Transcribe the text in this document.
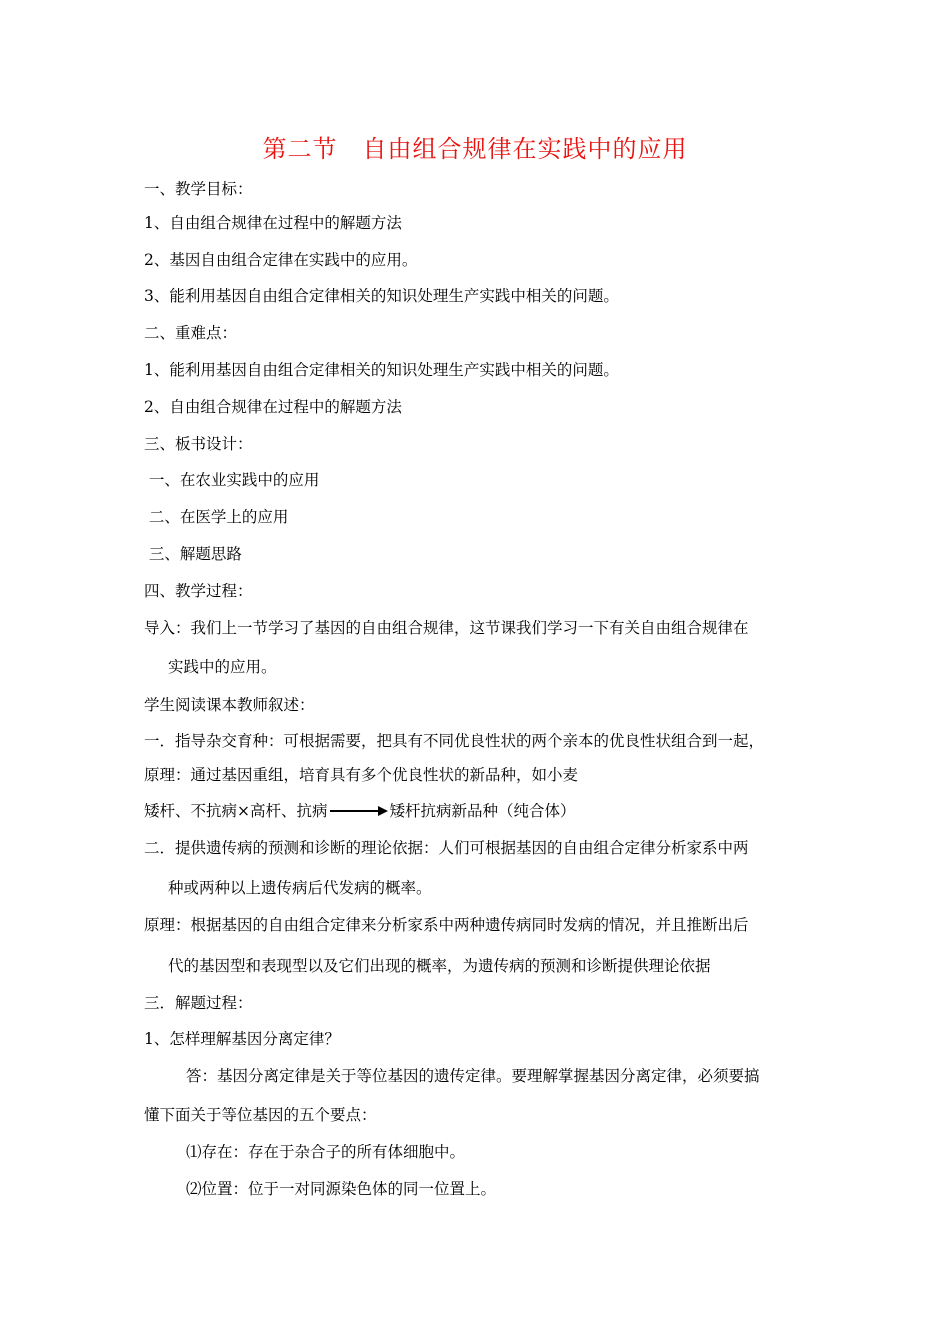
第二节　自由组合规律在实践中的应用
一、教学目标：
1、自由组合规律在过程中的解题方法
2、基因自由组合定律在实践中的应用。
3、能利用基因自由组合定律相关的知识处理生产实践中相关的问题。
二、重难点：
1、能利用基因自由组合定律相关的知识处理生产实践中相关的问题。
2、自由组合规律在过程中的解题方法
三、板书设计：
一、在农业实践中的应用
二、在医学上的应用
三、解题思路
四、教学过程：
导入：我们上一节学习了基因的自由组合规律，这节课我们学习一下有关自由组合规律在
实践中的应用。
学生阅读课本教师叙述：
一．指导杂交育种：可根据需要，把具有不同优良性状的两个亲本的优良性状组合到一起，
原理：通过基因重组，培育具有多个优良性状的新品种，如小麦
矮杆、不抗病×高杆、抗病

	矮杆抗病新品种（纯合体）
二．提供遗传病的预测和诊断的理论依据：人们可根据基因的自由组合定律分析家系中两
种或两种以上遗传病后代发病的概率。
原理：根据基因的自由组合定律来分析家系中两种遗传病同时发病的情况，并且推断出后
代的基因型和表现型以及它们出现的概率，为遗传病的预测和诊断提供理论依据
三．解题过程：
1、怎样理解基因分离定律？
答：基因分离定律是关于等位基因的遗传定律。要理解掌握基因分离定律，必须要搞
懂下面关于等位基因的五个要点：
⑴存在：存在于杂合子的所有体细胞中。
⑵位置：位于一对同源染色体的同一位置上。
